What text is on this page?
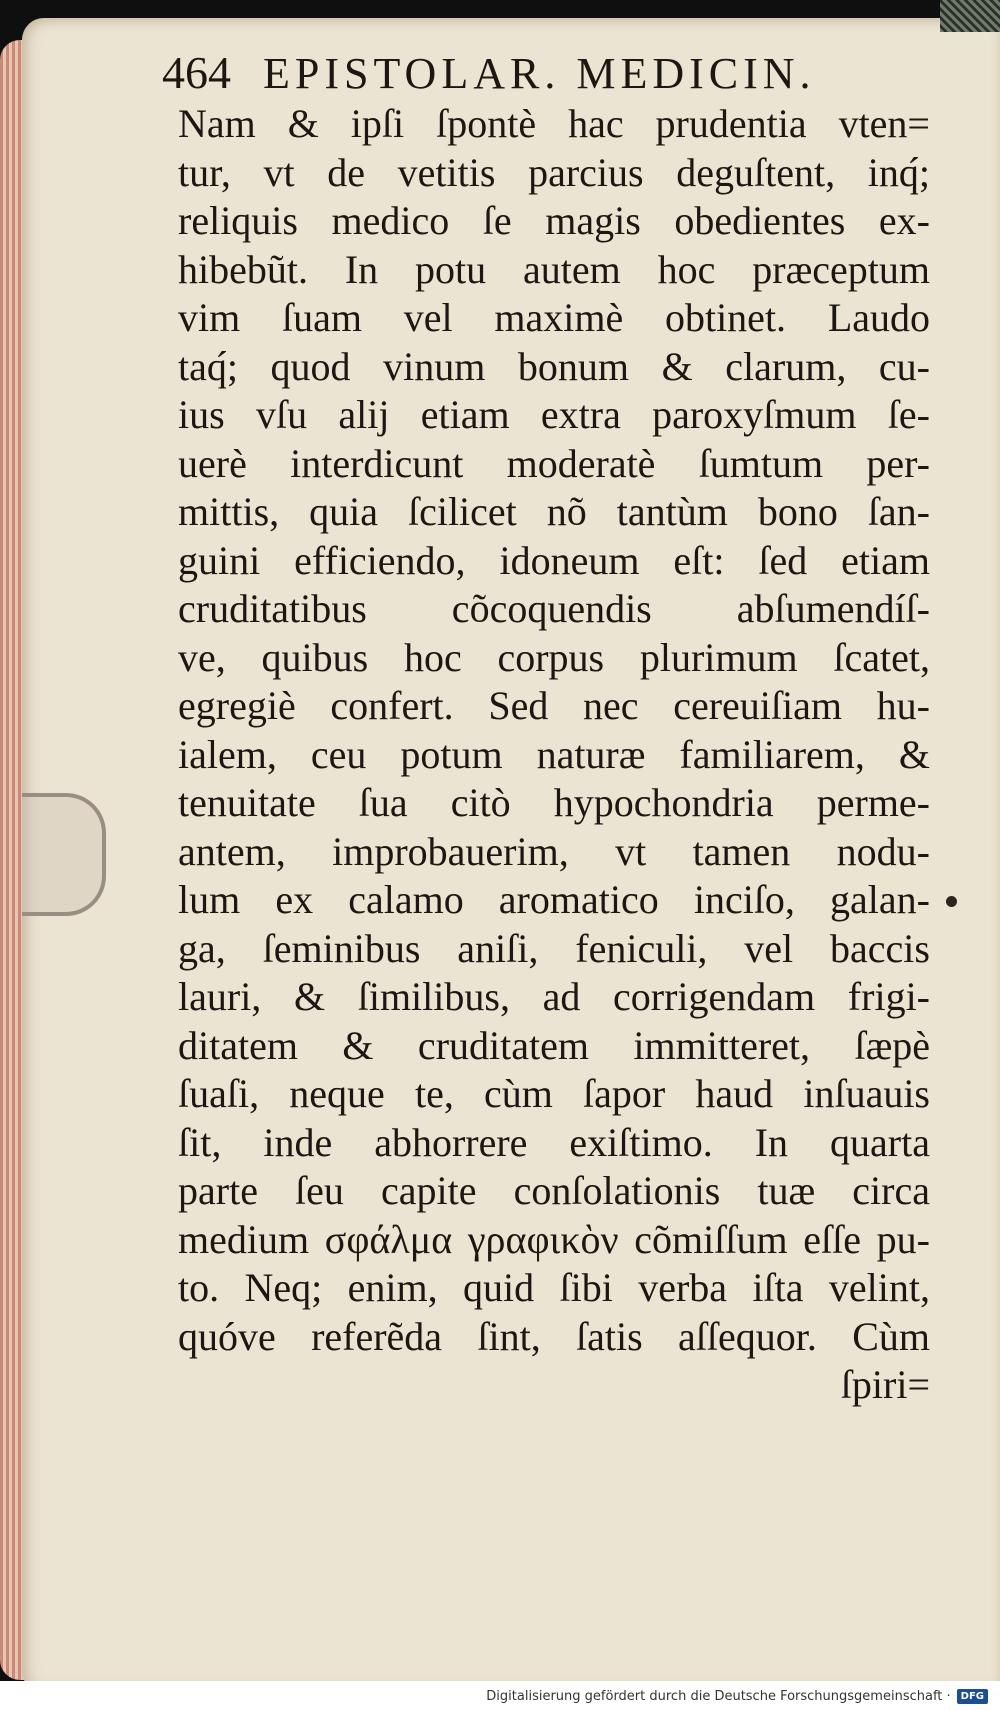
464 EPISTOLAR. MEDICIN.
Nam & ipſi ſpontè hac prudentia vten=
tur, vt de vetitis parcius deguſtent, inq́;
reliquis medico ſe magis obedientes ex-
hibebũt. In potu autem hoc præceptum
vim ſuam vel maximè obtinet. Laudo
taq́; quod vinum bonum & clarum, cu-
ius vſu alij etiam extra paroxyſmum ſe-
uerè interdicunt moderatè ſumtum per-
mittis, quia ſcilicet nõ tantùm bono ſan-
guini efficiendo, idoneum eſt: ſed etiam
cruditatibus cõcoquendis abſumendíſ-
ve, quibus hoc corpus plurimum ſcatet,
egregiè confert. Sed nec cereuiſiam hu-
ialem, ceu potum naturæ familiarem, &
tenuitate ſua citò hypochondria perme-
antem, improbauerim, vt tamen nodu-
lum ex calamo aromatico inciſo, galan-
ga, ſeminibus aniſi, feniculi, vel baccis
lauri, & ſimilibus, ad corrigendam frigi-
ditatem & cruditatem immitteret, ſæpè
ſuaſi, neque te, cùm ſapor haud inſuauis
ſit, inde abhorrere exiſtimo. In quarta
parte ſeu capite conſolationis tuæ circa
medium σφάλμα γραφικὸν cõmiſſum eſſe pu-
to. Neq; enim, quid ſibi verba iſta velint,
quóve referẽda ſint, ſatis aſſequor. Cùm
ſpiri=
Digitalisierung gefördert durch die Deutsche Forschungsgemeinschaft ·	DFG
